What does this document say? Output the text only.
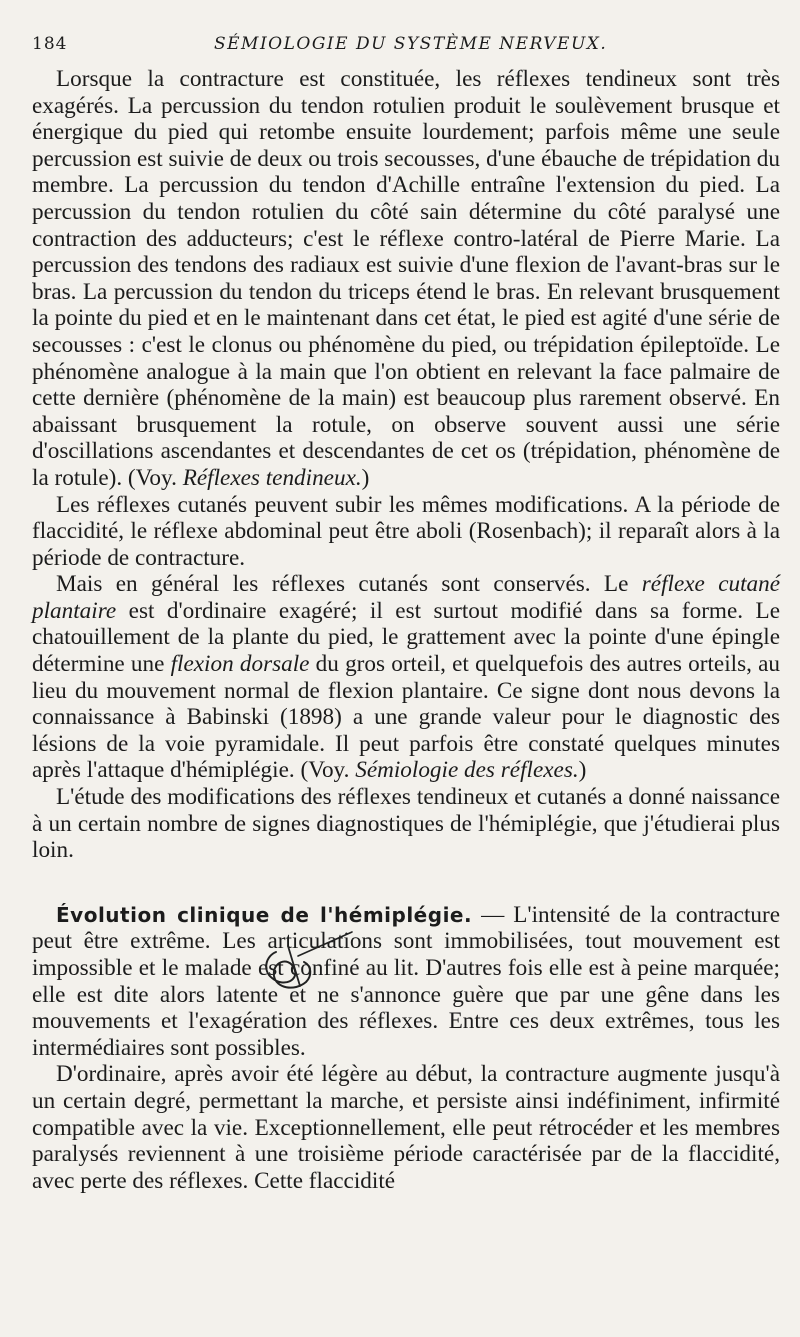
184	SÉMIOLOGIE DU SYSTÈME NERVEUX.

Lorsque la contracture est constituée, les réflexes tendineux sont très exagérés. La percussion du tendon rotulien produit le soulèvement brusque et énergique du pied qui retombe ensuite lourdement; parfois même une seule percussion est suivie de deux ou trois secousses, d'une ébauche de trépidation du membre. La percussion du tendon d'Achille entraîne l'extension du pied. La percussion du tendon rotulien du côté sain détermine du côté paralysé une contraction des adducteurs; c'est le réflexe contro-latéral de Pierre Marie. La percussion des tendons des radiaux est suivie d'une flexion de l'avant-bras sur le bras. La percussion du tendon du triceps étend le bras. En relevant brusquement la pointe du pied et en le maintenant dans cet état, le pied est agité d'une série de secousses : c'est le clonus ou phénomène du pied, ou trépidation épileptoïde. Le phénomène analogue à la main que l'on obtient en relevant la face palmaire de cette dernière (phénomène de la main) est beaucoup plus rarement observé. En abaissant brusquement la rotule, on observe souvent aussi une série d'oscillations ascendantes et descendantes de cet os (trépidation, phénomène de la rotule). (Voy. Réflexes tendineux.)

Les réflexes cutanés peuvent subir les mêmes modifications. A la période de flaccidité, le réflexe abdominal peut être aboli (Rosenbach); il reparaît alors à la période de contracture.

Mais en général les réflexes cutanés sont conservés. Le réflexe cutané plantaire est d'ordinaire exagéré; il est surtout modifié dans sa forme. Le chatouillement de la plante du pied, le grattement avec la pointe d'une épingle détermine une flexion dorsale du gros orteil, et quelquefois des autres orteils, au lieu du mouvement normal de flexion plantaire. Ce signe dont nous devons la connaissance à Babinski (1898) a une grande valeur pour le diagnostic des lésions de la voie pyramidale. Il peut parfois être constaté quelques minutes après l'attaque d'hémiplégie. (Voy. Sémiologie des réflexes.)

L'étude des modifications des réflexes tendineux et cutanés a donné naissance à un certain nombre de signes diagnostiques de l'hémiplégie, que j'étudierai plus loin.

Évolution clinique de l'hémiplégie. — L'intensité de la contracture peut être extrême. Les articulations sont immobilisées, tout mouvement est impossible et le malade est confiné au lit. D'autres fois elle est à peine marquée; elle est dite alors latente et ne s'annonce guère que par une gêne dans les mouvements et l'exagération des réflexes. Entre ces deux extrêmes, tous les intermédiaires sont possibles.

D'ordinaire, après avoir été légère au début, la contracture augmente jusqu'à un certain degré, permettant la marche, et persiste ainsi indéfiniment, infirmité compatible avec la vie. Exceptionnellement, elle peut rétrocéder et les membres paralysés reviennent à une troisième période caractérisée par de la flaccidité, avec perte des réflexes. Cette flaccidité
